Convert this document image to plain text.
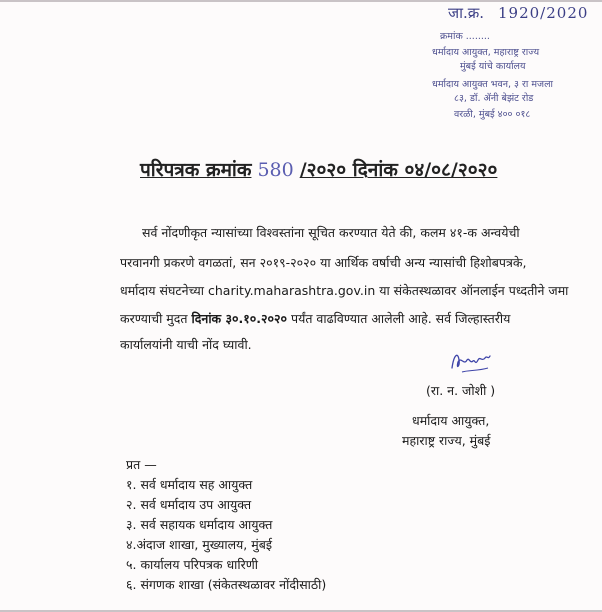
जा.क्र. 1920/2020
क्रमांक ........
धर्मादाय आयुक्त, महाराष्ट्र राज्य
मुंबई यांचे कार्यालय
धर्मादाय आयुक्त भवन, ३ रा मजला
८३, डॉ. ॲनी बेझंट रोड
वरळी, मुंबई ४०० ०१८
परिपत्रक क्रमांक 580 /२०२० दिनांक ०४/०८/२०२०
सर्व नोंदणीकृत न्यासांच्या विश्वस्तांना सूचित करण्यात येते की, कलम ४१-क अन्वयेची
परवानगी प्रकरणे वगळतां, सन २०१९-२०२० या आर्थिक वर्षाची अन्य न्यासांची हिशोबपत्रके,
धर्मादाय संघटनेच्या charity.maharashtra.gov.in या संकेतस्थळावर ऑनलाईन पध्दतीने जमा
करण्याची मुदत दिनांक ३०.१०.२०२० पर्यंत वाढविण्यात आलेली आहे. सर्व जिल्हास्तरीय
कार्यालयांनी याची नोंद घ्यावी.
(रा. न. जोशी )
धर्मादाय आयुक्त,
महाराष्ट्र राज्य, मुंबई
प्रत —
१. सर्व धर्मादाय सह आयुक्त
२. सर्व धर्मादाय उप आयुक्त
३. सर्व सहायक धर्मादाय आयुक्त
४.अंदाज शाखा, मुख्यालय, मुंबई
५. कार्यालय परिपत्रक धारिणी
६. संगणक शाखा (संकेतस्थळावर नोंदीसाठी)
